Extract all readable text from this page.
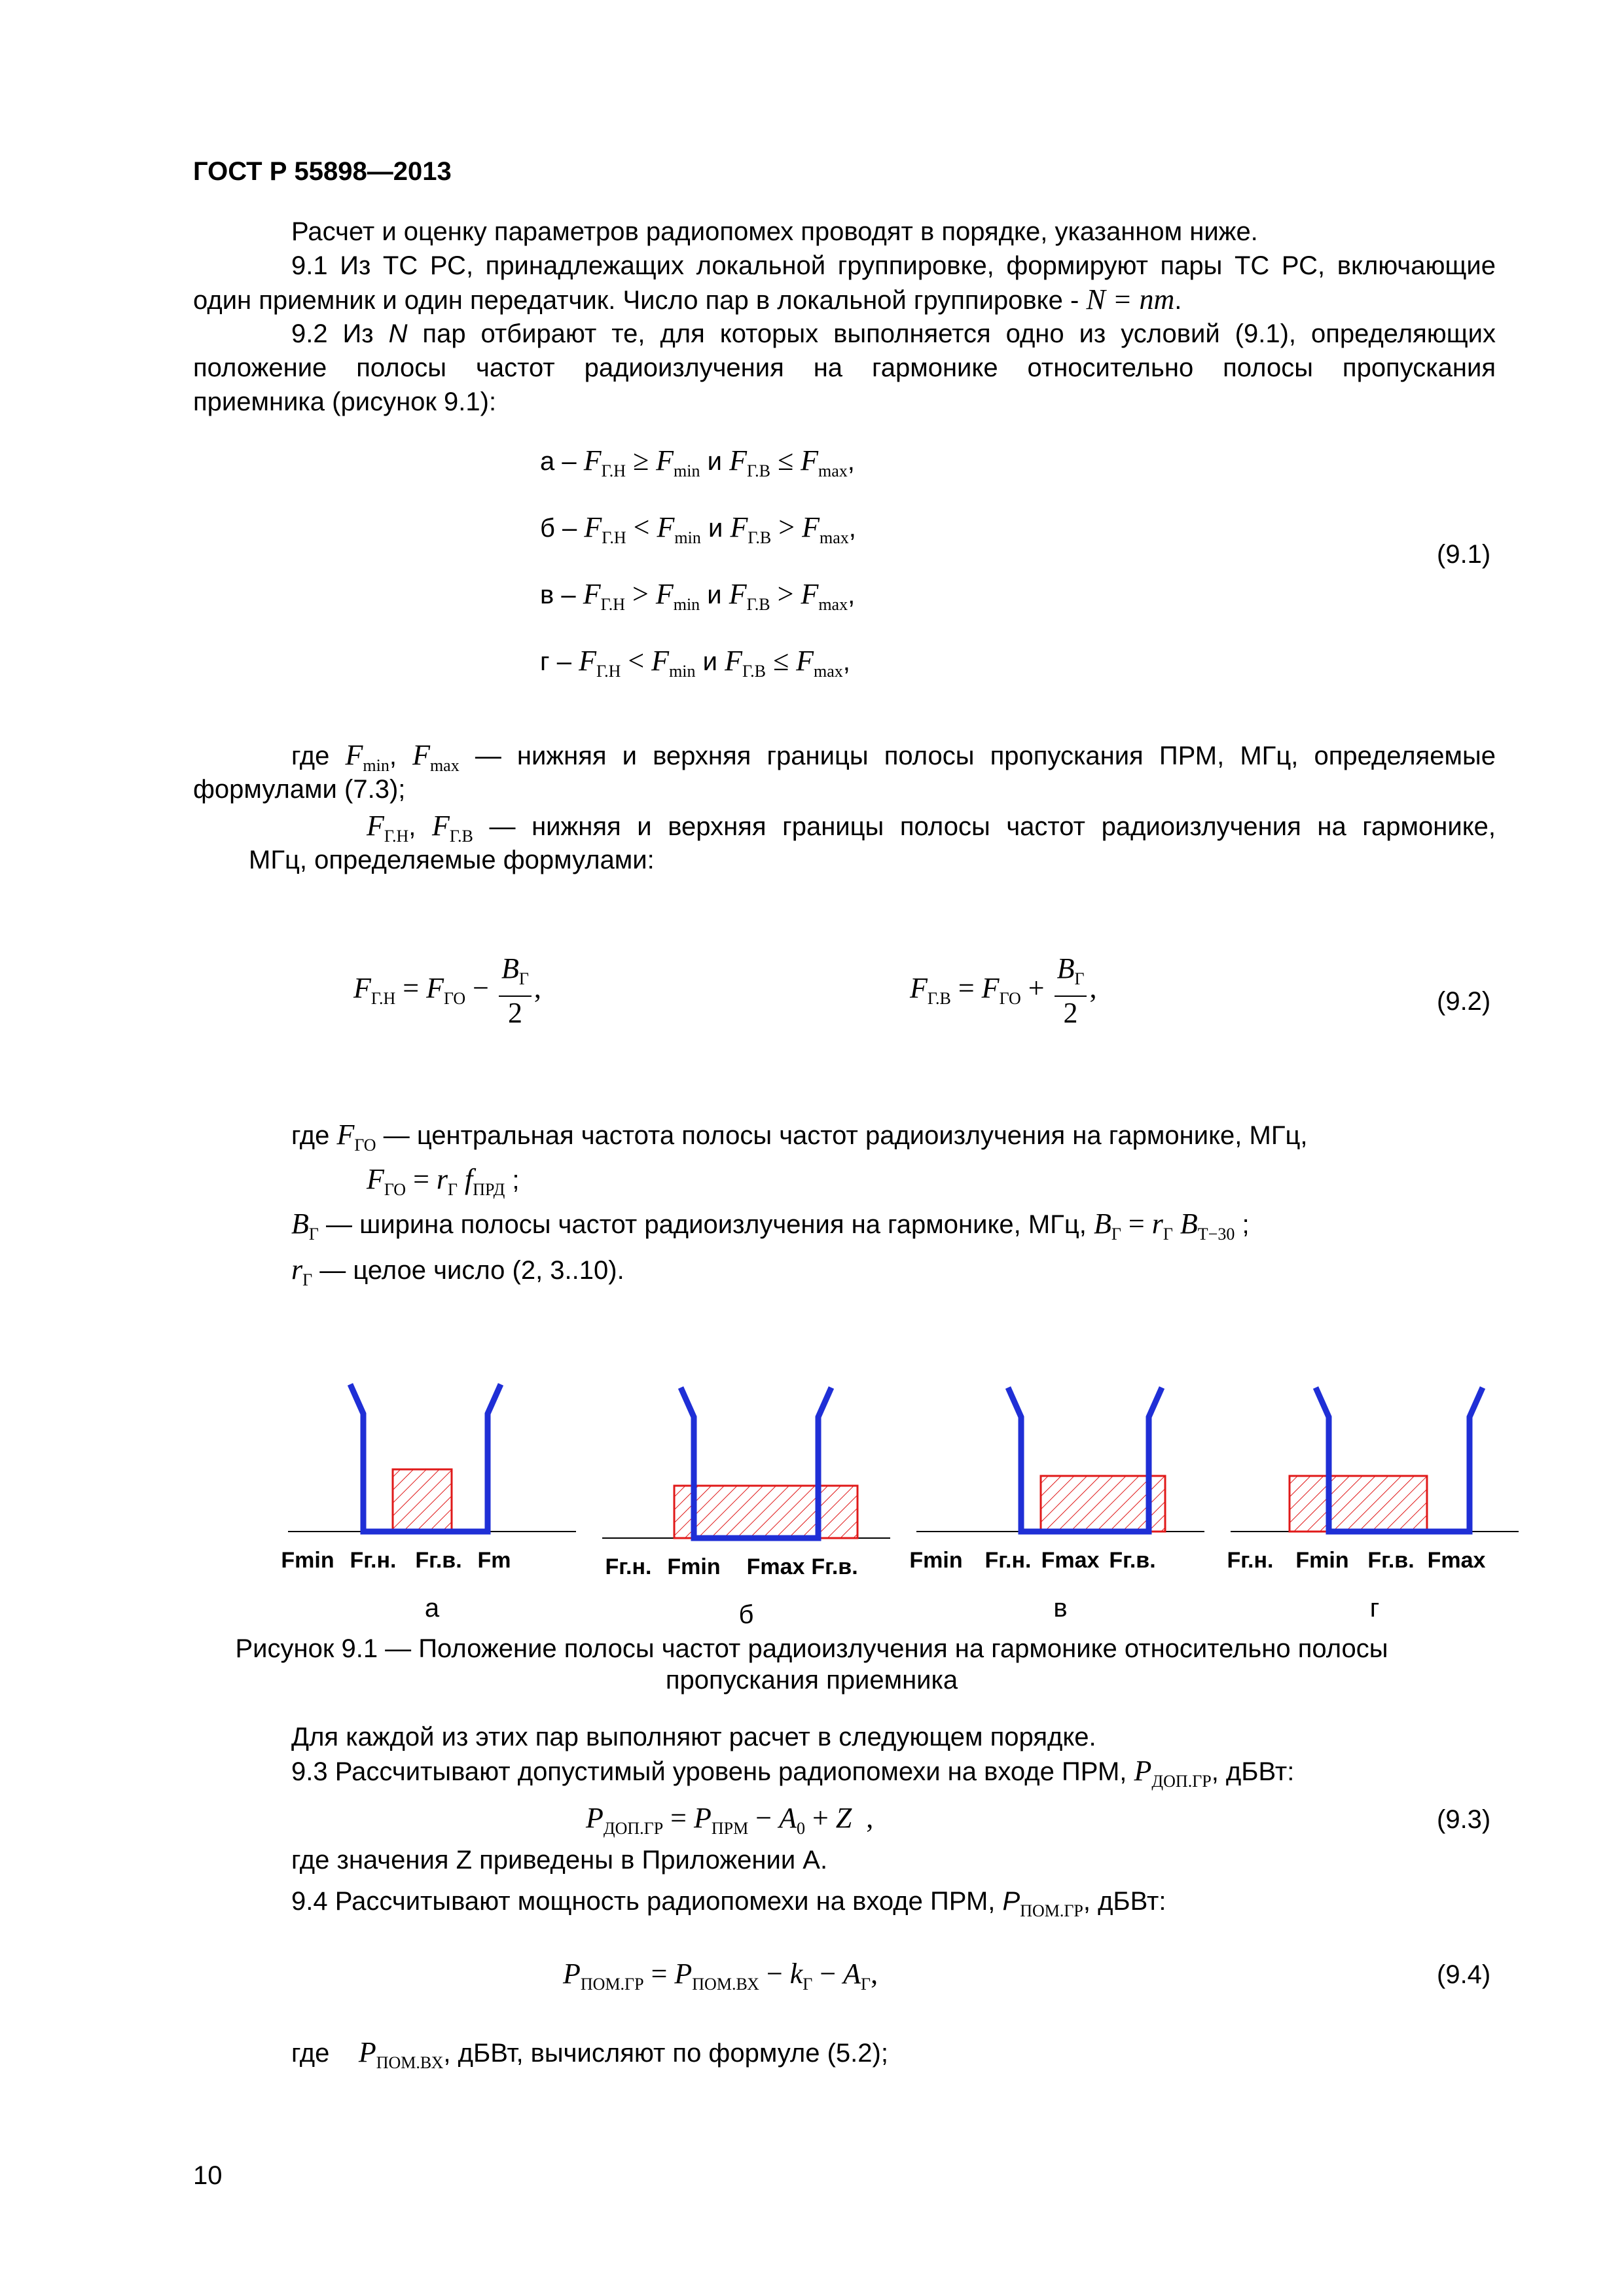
ГОСТ Р 55898—2013
Расчет и оценку параметров радиопомех проводят в порядке, указанном ниже.
9.1 Из ТС РС, принадлежащих локальной группировке, формируют пары ТС РС, включающие
один приемник и один передатчик. Число пар в локальной группировке - N = nm.
9.2 Из N пар отбирают те, для которых выполняется одно из условий (9.1), определяющих
положение полосы частот радиоизлучения на гармонике относительно полосы пропускания
приемника (рисунок 9.1):
$а - F_{Г.Н} \ge F_{min}$ и $F_{Г.В} \le F_{max}$,
$б - F_{Г.Н} < F_{min}$ и $F_{Г.В} > F_{max}$,
$в - F_{Г.Н} > F_{min}$ и $F_{Г.В} > F_{max}$,
$г - F_{Г.Н} < F_{min}$ и $F_{Г.В} \le F_{max}$,
(9.1)
где $F_{min}$, $F_{max}$ — нижняя и верхняя границы полосы пропускания ПРМ, МГц, определяемые
формулами (7.3);
$F_{Г.Н}$, $F_{Г.В}$ — нижняя и верхняя границы полосы частот радиоизлучения на гармонике,
МГц, определяемые формулами:
$F_{Г.Н} = F_{ГО} - \frac{B_Г}{2}$ ,	$F_{Г.В} = F_{ГО} + \frac{B_Г}{2}$ ,	(9.2)
где $F_{ГО}$ — центральная частота полосы частот радиоизлучения на гармонике, МГц,
$F_{ГО} = r_Г$ $f_{ПРД}$ ;
$B_Г$ — ширина полосы частот радиоизлучения на гармонике, МГц, $B_Г = r_Г$ $B_{Т-30}$ ;
$r_Г$ — целое число (2, 3..10).
Fmin Fг.н. Fг.в. Fm
а
Fг.н. Fmin Fmax Fг.в.
б
Fmin Fг.н. Fmax Fг.в.
в
Fг.н. Fmin Fг.в. Fmax
г
Рисунок 9.1 — Положение полосы частот радиоизлучения на гармонике относительно полосы
пропускания приемника
Для каждой из этих пар выполняют расчет в следующем порядке.
9.3 Рассчитывают допустимый уровень радиопомехи на входе ПРМ, $P_{ДОП.ГР}$, дБВт:
$P_{ДОП.ГР} = P_{ПРМ} - A_0 + Z$ ,	(9.3)
где значения Z приведены в Приложении А.
9.4 Рассчитывают мощность радиопомехи на входе ПРМ, $P_{ПОМ.ГР}$, дБВт:
$P_{ПОМ.ГР} = P_{ПОМ.ВХ} - k_Г - A_Г$,	(9.4)
где $P_{ПОМ.ВХ}$, дБВт, вычисляют по формуле (5.2);
10
